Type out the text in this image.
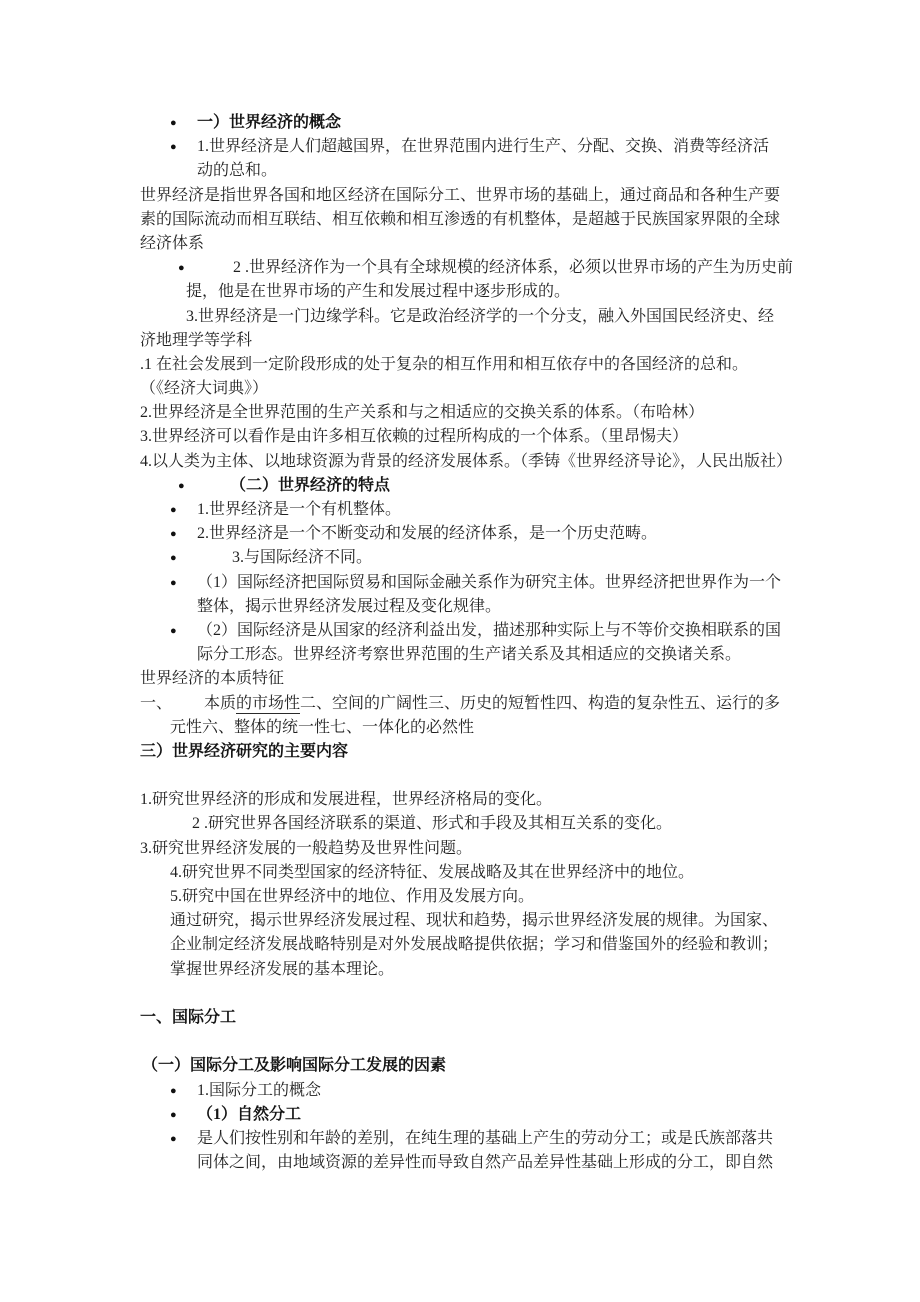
● 一）世界经济的概念
● 1.世界经济是人们超越国界，在世界范围内进行生产、分配、交换、消费等经济活
动的总和。
世界经济是指世界各国和地区经济在国际分工、世界市场的基础上，通过商品和各种生产要
素的国际流动而相互联结、相互依赖和相互渗透的有机整体，是超越于民族国家界限的全球
经济体系
●	2 .世界经济作为一个具有全球规模的经济体系，必须以世界市场的产生为历史前
提，他是在世界市场的产生和发展过程中逐步形成的。
3.世界经济是一门边缘学科。它是政治经济学的一个分支，融入外国国民经济史、经
济地理学等学科
.1 在社会发展到一定阶段形成的处于复杂的相互作用和相互依存中的各国经济的总和。
（《经济大词典》）
2.世界经济是全世界范围的生产关系和与之相适应的交换关系的体系。（布哈林）
3.世界经济可以看作是由许多相互依赖的过程所构成的一个体系。（里昂惕夫）
4.以人类为主体、以地球资源为背景的经济发展体系。（季铸《世界经济导论》，人民出版社）
●	（二）世界经济的特点
● 1.世界经济是一个有机整体。
● 2.世界经济是一个不断变动和发展的经济体系，是一个历史范畴。
●	3.与国际经济不同。
● （1）国际经济把国际贸易和国际金融关系作为研究主体。世界经济把世界作为一个
整体，揭示世界经济发展过程及变化规律。
● （2）国际经济是从国家的经济利益出发，描述那种实际上与不等价交换相联系的国
际分工形态。世界经济考察世界范围的生产诸关系及其相适应的交换诸关系。
世界经济的本质特征
一、 本质的市场性二、空间的广阔性三、历史的短暂性四、构造的复杂性五、运行的多
元性六、整体的统一性七、一体化的必然性
三）世界经济研究的主要内容
1.研究世界经济的形成和发展进程，世界经济格局的变化。
2 .研究世界各国经济联系的渠道、形式和手段及其相互关系的变化。
3.研究世界经济发展的一般趋势及世界性问题。
4.研究世界不同类型国家的经济特征、发展战略及其在世界经济中的地位。
5.研究中国在世界经济中的地位、作用及发展方向。
通过研究，揭示世界经济发展过程、现状和趋势，揭示世界经济发展的规律。为国家、
企业制定经济发展战略特别是对外发展战略提供依据；学习和借鉴国外的经验和教训；
掌握世界经济发展的基本理论。
一、国际分工
（一）国际分工及影响国际分工发展的因素
● 1.国际分工的概念
● （1）自然分工
● 是人们按性别和年龄的差别，在纯生理的基础上产生的劳动分工；或是氏族部落共
同体之间，由地域资源的差异性而导致自然产品差异性基础上形成的分工，即自然
